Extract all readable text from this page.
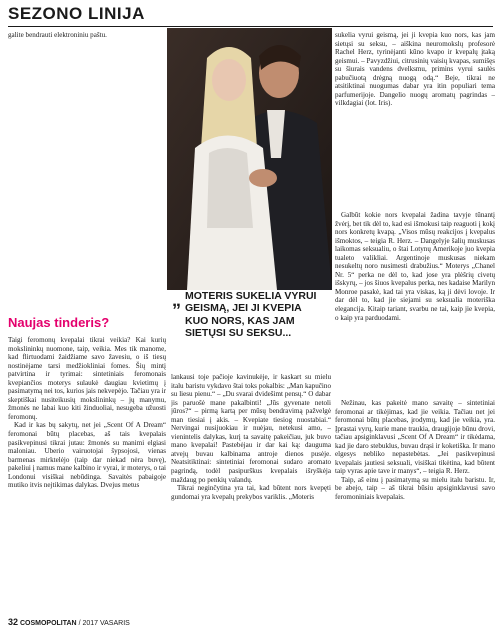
SEZONO LINIJA

galite bendrauti elektroniniu paštu.	sukelia vyrui geismą, jei ji kvepia kuo nors, kas jam sietųsi su seksu, – aiškina neuromokslų profesorė Rachel Herz, tyrinėjanti kūno kvapo ir kvepalų įtaką geismui. – Pavyzdžiui, citrusinių vaisių kvapas, sumišęs su šiurais vandens dvelksmu, primins vyrui saulės pabučiuotą drėgną nuogą odą.“ Beje, tikrai ne atsitiktinai nuogumas dabar yra itin populiari tema parfumerijoje. Dangelio nuogų aromatų pagrindas – vilkdagiai (lot. Iris).

Galbūt kokie nors kvepalai žadina tavyje tūnantį žvėrį, bet tik dėl to, kad esi išmokusi taip reaguoti į kokį nors konkretų kvapą. „Visos mūsų reakcijos į kvepalus išmoktos, – teigia R. Herz. – Dangelyje šalių muskusas laikomas seksualiu, o štai Lotynų Amerikoje juo kvepia tualeto valikliai. Argentinoje muskusas niekam nesukeltų noro nusimesti drabužius.“ Moterys „Chanel Nr. 5“ perka ne dėl to, kad jose yra plėšrių civetų išskyrų, – jos šiuos kvepalus perka, nes kadaise Marilyn Monroe pasakė, kad tai yra viskas, ką ji dėvi lovoje. Ir dar dėl to, kad jie siejami su seksualia moteriška elegancija. Kitaip tariant, svarbu ne tai, kaip jie kvepia, o kaip yra parduodami.

Naujas tinderis?
„ MOTERIS SUKELIA VYRUI GEISMĄ, JEI JI KVEPIA KUO NORS, KAS JAM SIETŲSI SU SEKSU...

Taigi feromonų kvepalai tikrai veikia? Kai kurių mokslininkų nuomone, taip, veikia. Mes tik manome, kad flirtuodami žaidžiame savo žavesiu, o iš tiesų nostinėjame tarsi medžiokliniai fomes. Šių mintį patvirtina ir tyrimai: sintetiniais feromonais kvepiančios moterys sulaukė daugiau kvietimų į pasimatymą nei tos, kurios jais nekvepėjo. Tačiau yra ir skeptiškai nusiteikusių mokslininkų – jų manymu, žmonės ne labai kuo kiti žinduoliai, nesugeba užuosti feromonų.

Kad ir kas bų sakytų, net jei „Scent Of A Dream“ feromonai būtų placebas, aš tais kvepalais pasikvepinusi tikrai jutau: žmonės su manimi elgiasi maloniau. Uberio vairuotojai šypsojosi, vienas barmenas mirktelėjo (taip dar niekad nėra buvę), pakeliui į namus mane kalbino ir vyrai, ir moterys, o tai Londonui visiškai nebūdinga. Savaitės pabaigoje mutiko itvis nejtikimas dalykas. Dvejus metus

lankausi toje pačioje kavinukėje, ir kaskart su mielu italu baristu vykdavo štai toks pokalbis: „Man kapučino su liesu pienu.“ – „Du svarai dvidešimt pensų.“ O dabar jis paruošė mane pakalbinti! „Jūs gyvenate netoli jūros?“ – pirmą kartą per mūsų bendravimą pažvelgė man tiesiai į akis. – Kvepiate tiesiog nuostabiai.“ Nervingai nusijuokiau ir nuėjau, netekusi amo, – vienintelis dalykas, kurį ta savaitę pakeičiau, juk buvo mano kvepalai! Pastebėjau ir dar kai ką: dauguma atvejų buvau kalbinama antroje dienos pusėje. Neatsitiktinai: sintetiniai feromonai sudaro aromato pagrindą, todėl pasipurškus kvepalais išryškėja maždaug po penkių valandų.

Tikrai neginčytina yra tai, kad būtent nors kvepęti gundomai yra kvepalų prekybos variklis. „Moteris

Nežinau, kas pakeitė mano savaitę – sintetiniai feromonai ar tikėjimas, kad jie veikia. Tačiau net jei feromonai būtų placebas, įrodymų, kad jie veikia, yra. Įprastai vyrų, kurie mane traukia, draugijoje būnu drovi, tačiau apsiginklavusi „Scent Of A Dream“ ir tikėdama, kad jie daro stebuklus, buvau drąsi ir koketiška. Ir mano elgesys nebliko nepastebėtas. „Jei pasikvepinusi kvepalais jautiesi seksuali, visiškai tikėtina, kad būtent taip vyras apie tave ir manys“, – teigia R. Herz.

Taip, aš einu į pasimatymą su mielu italu baristu. Ir, be abejo, taip – aš tikrai būsiu apsiginklavusi savo feromoniniais kvepalais.

32 COSMOPOLITAN / 2017 VASARIS
